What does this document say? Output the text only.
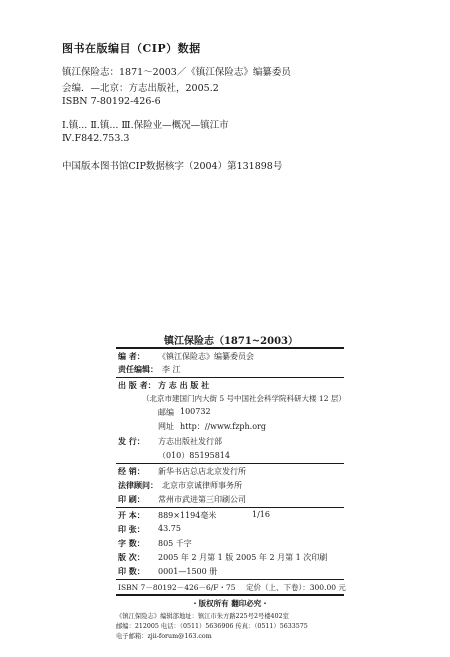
图书在版编目（CIP）数据
镇江保险志：1871～2003／《镇江保险志》编纂委员
会编．—北京：方志出版社，2005.2
ISBN 7-80192-426-6
Ⅰ.镇... Ⅱ.镇... Ⅲ.保险业—概况—镇江市
Ⅳ.F842.753.3
中国版本图书馆CIP数据核字（2004）第131898号
镇江保险志（1871~2003）
编 者： 《镇江保险志》编纂委员会
责任编辑： 李 江
出 版 者： 方 志 出 版 社
（北京市建国门内大街 5 号中国社会科学院科研大楼 12 层）
邮编 100732
网址 http：//www.fzph.org
发 行： 方志出版社发行部
（010）85195814
经 销： 新华书店总店北京发行所
法律顾问： 北京市京诚律师事务所
印 刷： 常州市武进第三印刷公司
开 本： 889×1194毫米	1/16
印 张： 43.75
字 数： 805 千字
版 次： 2005 年 2 月第 1 版 2005 年 2 月第 1 次印刷
印 数： 0001—1500 册
ISBN 7－80192－426－6/F・75 定价（上、下卷）：300.00 元
・版权所有 翻印必究・
《镇江保险志》编辑部地址：镇江市朱方路225号2号楼402室
邮编：212005 电话：（0511）5636906 传真：（0511）5633575
电子邮箱：zjii-forum@163.com
